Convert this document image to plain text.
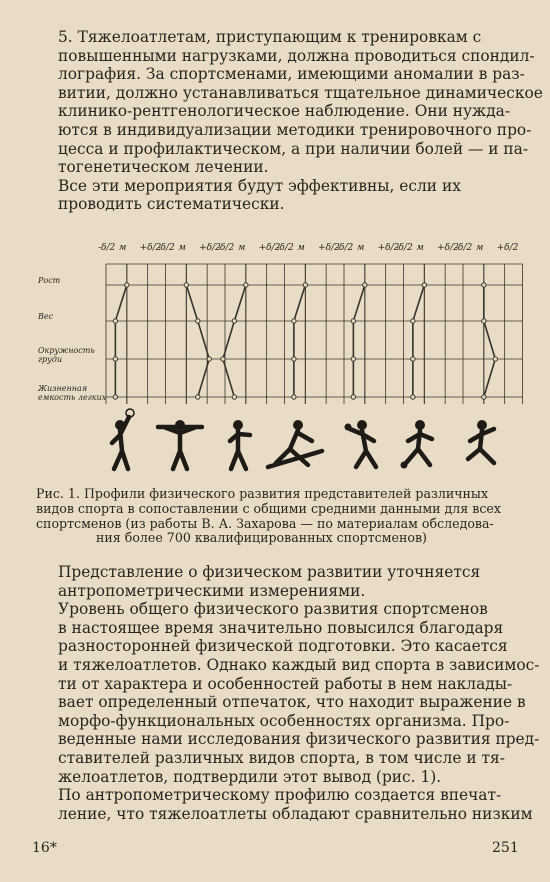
5. Тяжелоатлетам, приступающим к тренировкам с
повышенными нагрузками, должна проводиться спондил-
лография. За спортсменами, имеющими аномалии в раз-
витии, должно устанавливаться тщательное динамическое
клинико-рентгенологическое наблюдение. Они нужда-
ются в индивидуализации методики тренировочного про-
цесса и профилактическом, а при наличии болей — и па-
тогенетическом лечении.
Все эти мероприятия будут эффективны, если их
проводить систематически.
Рост
Вес
Окружность
груди
Жизненная
емкость легких
-δ/2 м +δ/2
-δ/2 м +δ/2
-δ/2 м +δ/2
-δ/2 м +δ/2
-δ/2 м +δ/2
-δ/2 м +δ/2
-δ/2 м +δ/2
Рис. 1. Профили физического развития представителей различных
видов спорта в сопоставлении с общими средними данными для всех
спортсменов (из работы В. А. Захарова — по материалам обследова-
ния более 700 квалифицированных спортсменов)
Представление о физическом развитии уточняется
антропометрическими измерениями.
Уровень общего физического развития спортсменов
в настоящее время значительно повысился благодаря
разносторонней физической подготовки. Это касается
и тяжелоатлетов. Однако каждый вид спорта в зависимос-
ти от характера и особенностей работы в нем наклады-
вает определенный отпечаток, что находит выражение в
морфо-функциональных особенностях организма. Про-
веденные нами исследования физического развития пред-
ставителей различных видов спорта, в том числе и тя-
желоатлетов, подтвердили этот вывод (рис. 1).
По антропометрическому профилю создается впечат-
ление, что тяжелоатлеты обладают сравнительно низким
16*	251
